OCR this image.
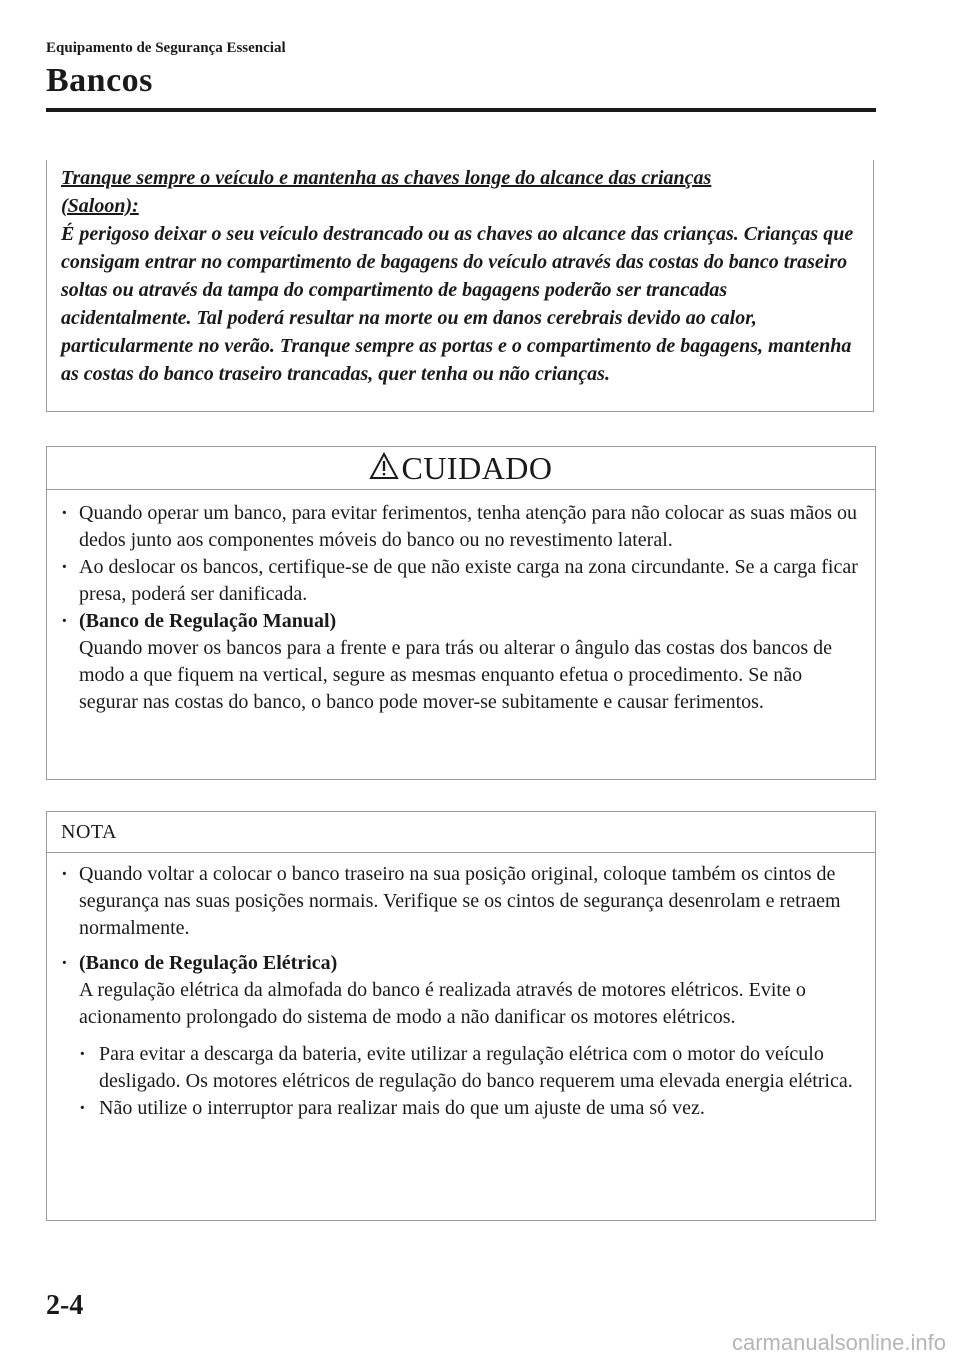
Equipamento de Segurança Essencial
Bancos

Tranque sempre o veículo e mantenha as chaves longe do alcance das crianças

(Saloon):

É perigoso deixar o seu veículo destrancado ou as chaves ao alcance das crianças. Crianças que consigam entrar no compartimento de bagagens do veículo através das costas do banco traseiro soltas ou através da tampa do compartimento de bagagens poderão ser trancadas acidentalmente. Tal poderá resultar na morte ou em danos cerebrais devido ao calor, particularmente no verão. Tranque sempre as portas e o compartimento de bagagens, mantenha as costas do banco traseiro trancadas, quer tenha ou não crianças.

CUIDADO
· Quando operar um banco, para evitar ferimentos, tenha atenção para não colocar as suas mãos ou dedos junto aos componentes móveis do banco ou no revestimento lateral.
· Ao deslocar os bancos, certifique-se de que não existe carga na zona circundante. Se a carga ficar presa, poderá ser danificada.
· (Banco de Regulação Manual)
Quando mover os bancos para a frente e para trás ou alterar o ângulo das costas dos bancos de modo a que fiquem na vertical, segure as mesmas enquanto efetua o procedimento. Se não segurar nas costas do banco, o banco pode mover-se subitamente e causar ferimentos.
NOTA
· Quando voltar a colocar o banco traseiro na sua posição original, coloque também os cintos de segurança nas suas posições normais. Verifique se os cintos de segurança desenrolam e retraem normalmente.
· (Banco de Regulação Elétrica)
A regulação elétrica da almofada do banco é realizada através de motores elétricos. Evite o acionamento prolongado do sistema de modo a não danificar os motores elétricos.
· Para evitar a descarga da bateria, evite utilizar a regulação elétrica com o motor do veículo desligado. Os motores elétricos de regulação do banco requerem uma elevada energia elétrica.
· Não utilize o interruptor para realizar mais do que um ajuste de uma só vez.
2-4
carmanualsonline.info
